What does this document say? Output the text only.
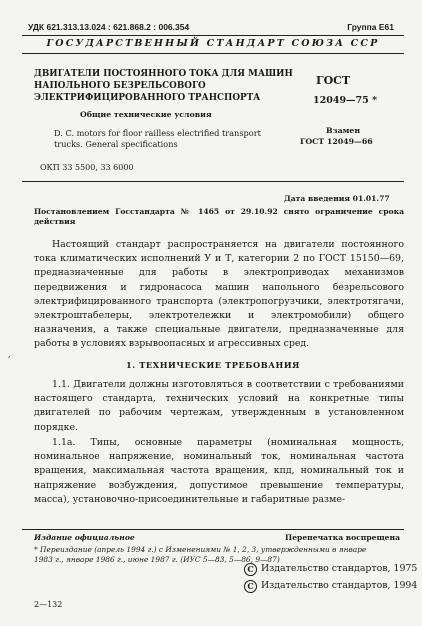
УДК 621.313.13.024 : 621.868.2 : 006.354	Группа Е61
ГОСУДАРСТВЕННЫЙ СТАНДАРТ СОЮЗА ССР
ДВИГАТЕЛИ ПОСТОЯННОГО ТОКА ДЛЯ МАШИН НАПОЛЬНОГО БЕЗРЕЛЬСОВОГО ЭЛЕКТРИФИЦИРОВАННОГО ТРАНСПОРТА
Общие технические условия
D. C. motors for floor railless electrified transport trucks. General specifications
ГОСТ
12049—75 *
Взамен
ГОСТ 12049—66
ОКП 33 5500, 33 6000
Дата введения 01.01.77
Постановлением Госстандарта № 1465 от 29.10.92 снято ограничение срока действия
Настоящий стандарт распространяется на двигатели постоянного тока климатических исполнений У и Т, категории 2 по ГОСТ 15150—69, предназначенные для работы в электроприводах механизмов передвижения и гидронасоса машин напольного безрельсового электрифицированного транспорта (электропогрузчики, электротягачи, электроштабелеры, электротележки и электромобили) общего назначения, а также специальные двигатели, предназначенные для работы в условиях взрывоопасных и агрессивных сред.
,
1. ТЕХНИЧЕСКИЕ ТРЕБОВАНИЯ
1.1. Двигатели должны изготовляться в соответствии с требованиями настоящего стандарта, технических условий на конкретные типы двигателей по рабочим чертежам, утвержденным в установленном порядке.
1.1а. Типы, основные параметры (номинальная мощность, номинальное напряжение, номинальный ток, номинальная частота вращения, максимальная частота вращения, кпд, номинальный ток и напряжение возбуждения, допустимое превышение температуры, масса), установочно-присоединительные и габаритные разме-
Издание официальное	Перепечатка воспрещена
* Переиздание (апрель 1994 г.) с Изменениями № 1, 2, 3, утвержденными в январе 1983 г., январе 1986 г., июне 1987 г. (ИУС 5—83, 5—86, 9—87)
С Издательство стандартов, 1975
С Издательство стандартов, 1994
2—132
